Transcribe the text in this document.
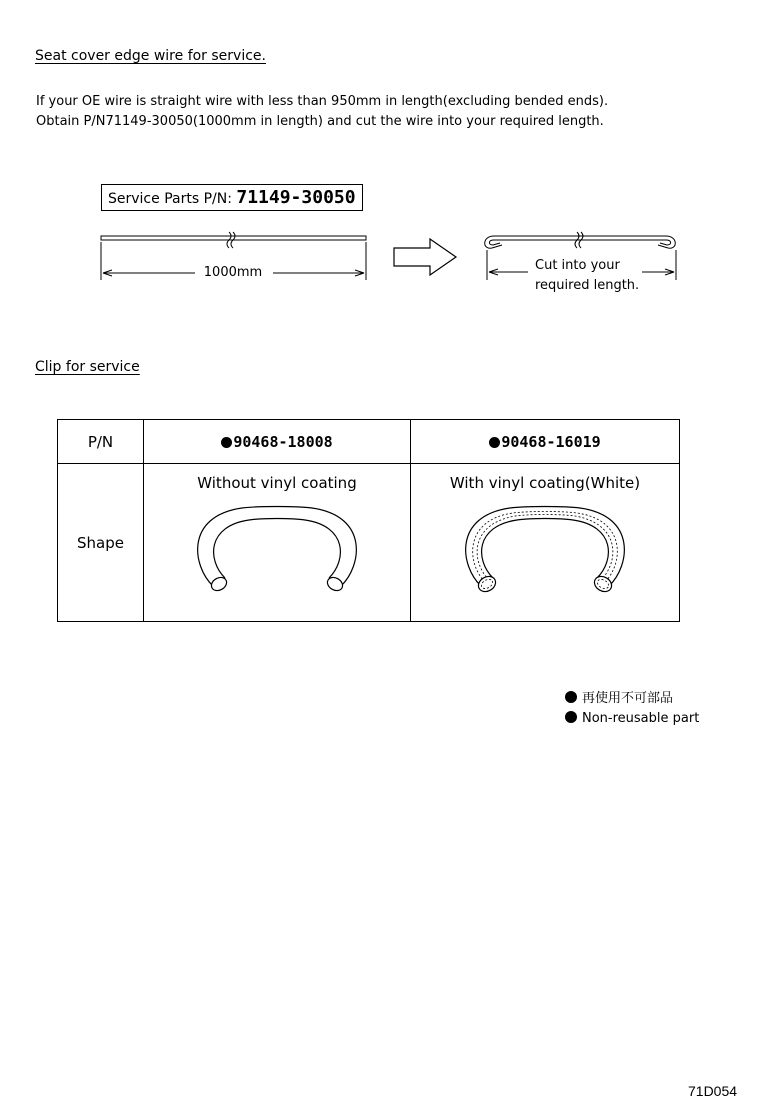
Seat cover edge wire for service.
If your OE wire is straight wire with less than 950mm in length(excluding bended ends).
Obtain P/N71149-30050(1000mm in length) and cut the wire into your required length.
Service Parts P/N: 71149-30050
1000mm	Cut into your
required length.
Clip for service
P/N	90468-18008	90468-16019
Shape	Without vinyl coating	With vinyl coating(White)
再使用不可部品
Non-reusable part
71D054
